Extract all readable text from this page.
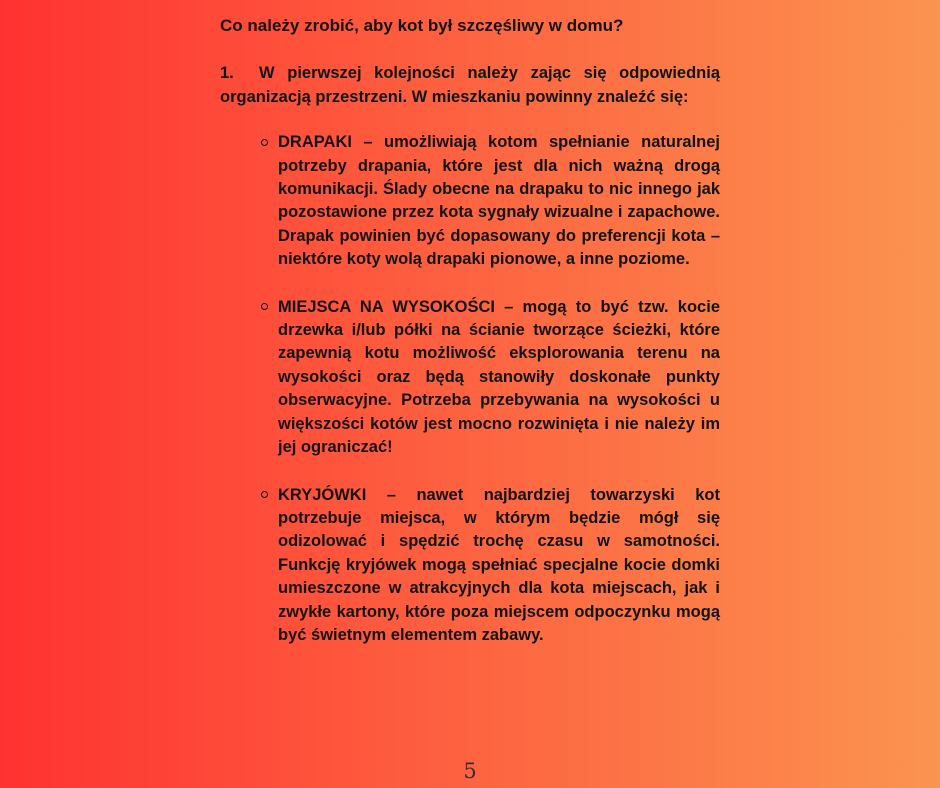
Co należy zrobić, aby kot był szczęśliwy w domu?

1.  W pierwszej kolejności należy zając się odpowiednią organizacją przestrzeni. W mieszkaniu powinny znaleźć się:

DRAPAKI – umożliwiają kotom spełnianie naturalnej potrzeby drapania, które jest dla nich ważną drogą komunikacji. Ślady obecne na drapaku to nic innego jak pozostawione przez kota sygnały wizualne i zapachowe. Drapak powinien być dopasowany do preferencji kota – niektóre koty wolą drapaki pionowe, a inne poziome.
MIEJSCA NA WYSOKOŚCI – mogą to być tzw. kocie drzewka i/lub półki na ścianie tworzące ścieżki, które zapewnią kotu możliwość eksplorowania terenu na wysokości oraz będą stanowiły doskonałe punkty obserwacyjne. Potrzeba przebywania na wysokości u większości kotów jest mocno rozwinięta i nie należy im jej ograniczać!
KRYJÓWKI – nawet najbardziej towarzyski kot potrzebuje miejsca, w którym będzie mógł się odizolować i spędzić trochę czasu w samotności. Funkcję kryjówek mogą spełniać specjalne kocie domki umieszczone w atrakcyjnych dla kota miejscach, jak i zwykłe kartony, które poza miejscem odpoczynku mogą być świetnym elementem zabawy.
5
